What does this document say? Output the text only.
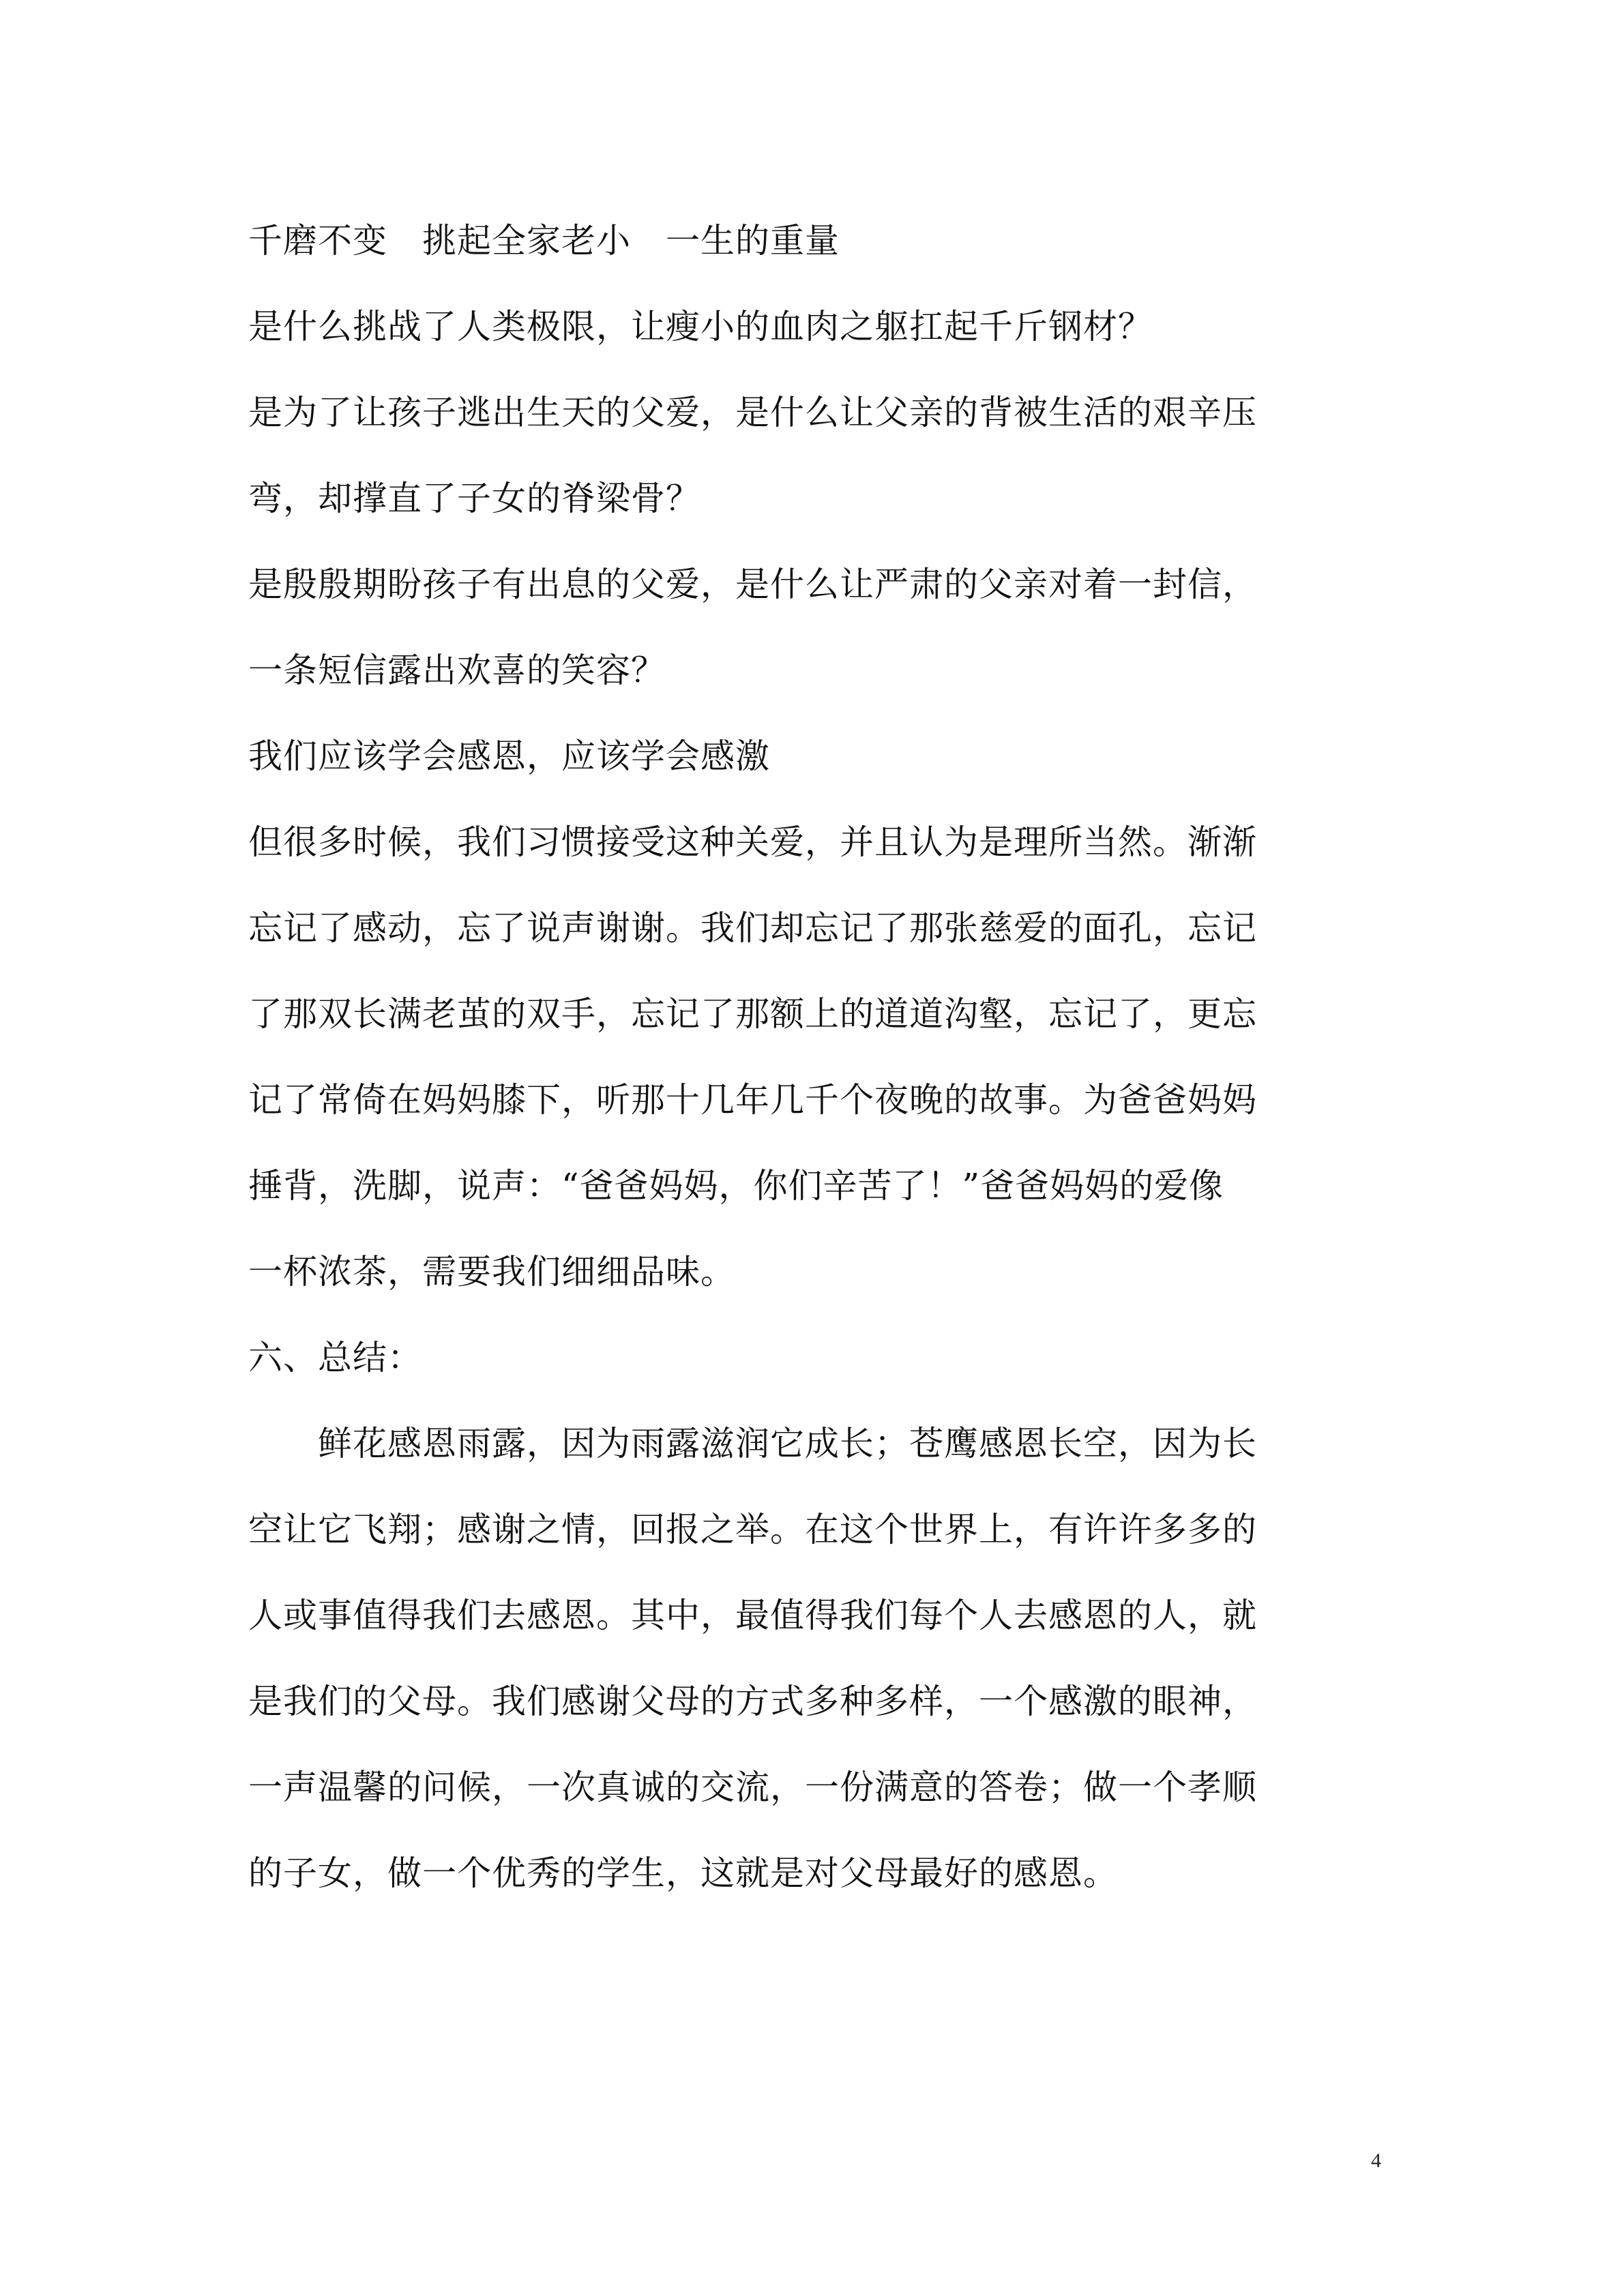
千磨不变　挑起全家老小　一生的重量
是什么挑战了人类极限，让瘦小的血肉之躯扛起千斤钢材？
是为了让孩子逃出生天的父爱，是什么让父亲的背被生活的艰辛压
弯，却撑直了子女的脊梁骨？
是殷殷期盼孩子有出息的父爱，是什么让严肃的父亲对着一封信，
一条短信露出欢喜的笑容？
我们应该学会感恩，应该学会感激
但很多时候，我们习惯接受这种关爱，并且认为是理所当然。渐渐
忘记了感动，忘了说声谢谢。我们却忘记了那张慈爱的面孔，忘记
了那双长满老茧的双手，忘记了那额上的道道沟壑，忘记了，更忘
记了常倚在妈妈膝下，听那十几年几千个夜晚的故事。为爸爸妈妈
捶背，洗脚，说声：“爸爸妈妈，你们辛苦了！”爸爸妈妈的爱像
一杯浓茶，需要我们细细品味。
六、总结：
　　鲜花感恩雨露，因为雨露滋润它成长；苍鹰感恩长空，因为长
空让它飞翔；感谢之情，回报之举。在这个世界上，有许许多多的
人或事值得我们去感恩。其中，最值得我们每个人去感恩的人，就
是我们的父母。我们感谢父母的方式多种多样，一个感激的眼神，
一声温馨的问候，一次真诚的交流，一份满意的答卷；做一个孝顺
的子女，做一个优秀的学生，这就是对父母最好的感恩。
4
